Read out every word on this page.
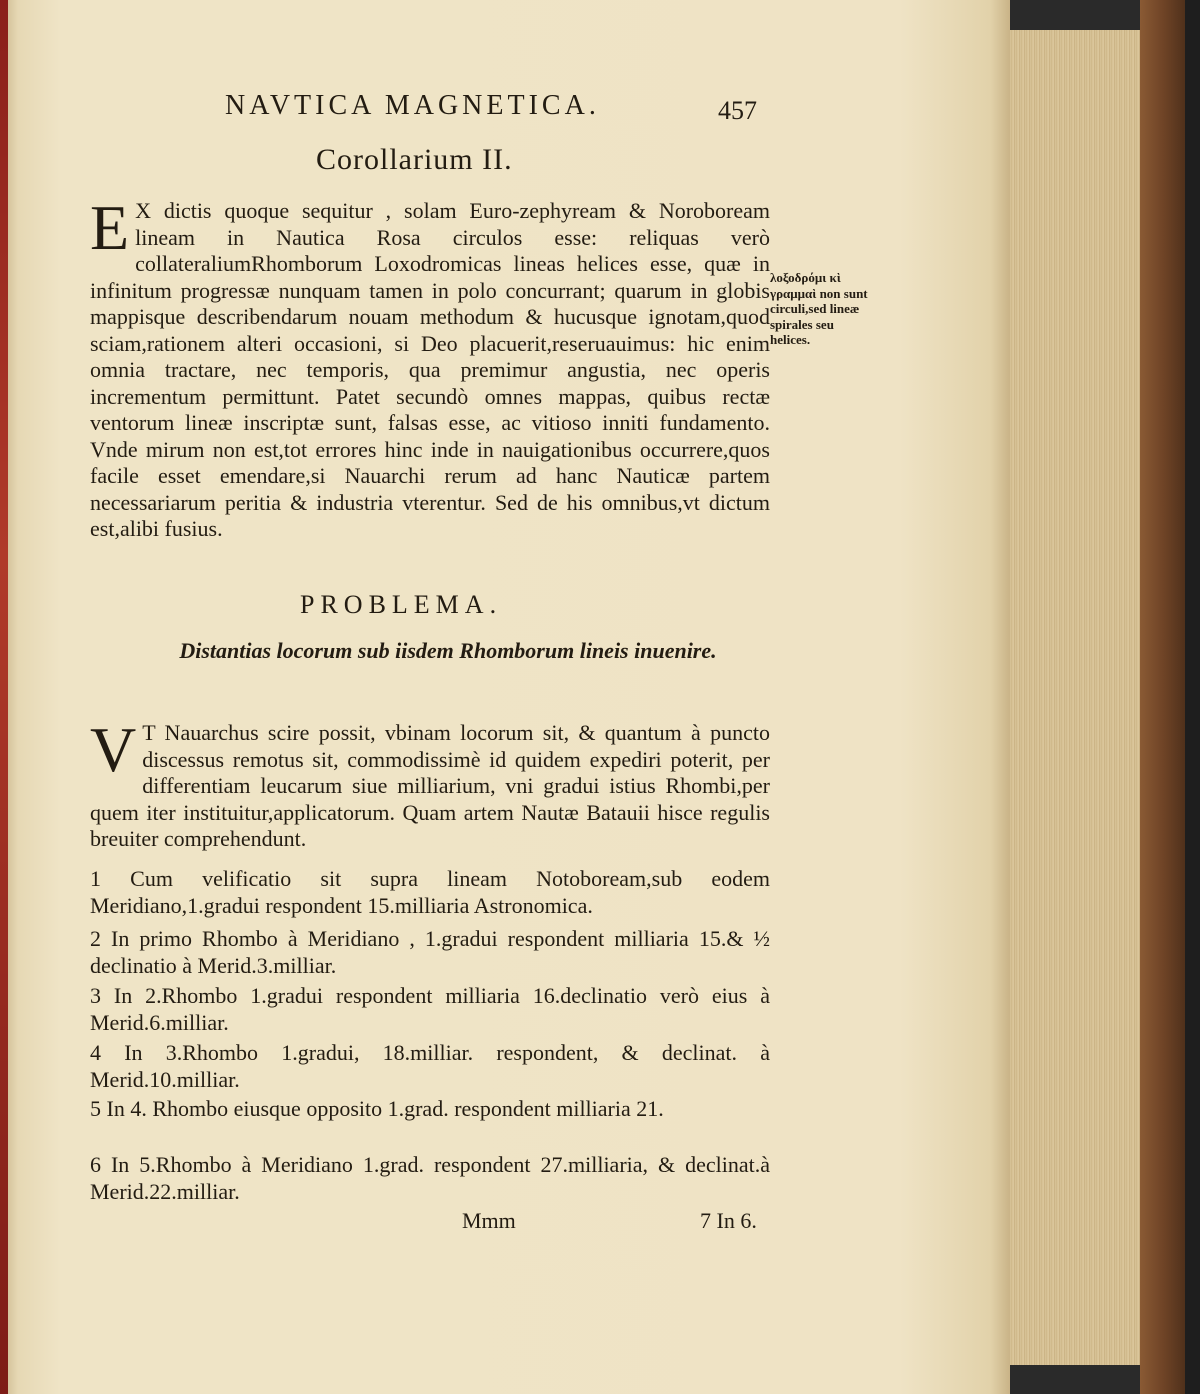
NAVTICA MAGNETICA.	457
Corollarium II.
E X dictis quoque sequitur , solam Euro-zephyream & Noroboream lineam in Nautica Rosa circulos esse: reliquas verò collateraliumRhomborum Loxodromicas lineas helices esse, quæ in infinitum progressæ nunquam tamen in polo concurrant; quarum in globis mappisque describendarum nouam methodum & hucusque ignotam,quod sciam,rationem alteri occasioni, si Deo placuerit,reseruauimus: hic enim omnia tractare, nec temporis, qua premimur angustia, nec operis incrementum permittunt. Patet secundò omnes mappas, quibus rectæ ventorum lineæ inscriptæ sunt, falsas esse, ac vitioso inniti fundamento. Vnde mirum non est,tot errores hinc inde in nauigationibus occurrere,quos facile esset emendare,si Nauarchi rerum ad hanc Nauticæ partem necessariarum peritia & industria vterentur. Sed de his omnibus,vt dictum est,alibi fusius.
λοξοδρόμι κὶ γραμμαὶ non sunt circuli,sed lineæ spirales seu helices.
PROBLEMA.
Distantias locorum sub iisdem Rhomborum lineis inuenire.
V T Nauarchus scire possit, vbinam locorum sit, & quantum à puncto discessus remotus sit, commodissimè id quidem expediri poterit, per differentiam leucarum siue milliarium, vni gradui istius Rhombi,per quem iter instituitur,applicatorum. Quam artem Nautæ Batauii hisce regulis breuiter comprehendunt.
1 Cum velificatio sit supra lineam Notoboream,sub eodem Meridiano,1.gradui respondent 15.milliaria Astronomica.
2 In primo Rhombo à Meridiano , 1.gradui respondent milliaria 15.& ½ declinatio à Merid.3.milliar.
3 In 2.Rhombo 1.gradui respondent milliaria 16.declinatio verò eius à Merid.6.milliar.
4 In 3.Rhombo 1.gradui, 18.milliar. respondent, & declinat. à Merid.10.milliar.
5 In 4. Rhombo eiusque opposito 1.grad. respondent milliaria 21.
6 In 5.Rhombo à Meridiano 1.grad. respondent 27.milliaria, & declinat.à Merid.22.milliar.
Mmm	7 In 6.
